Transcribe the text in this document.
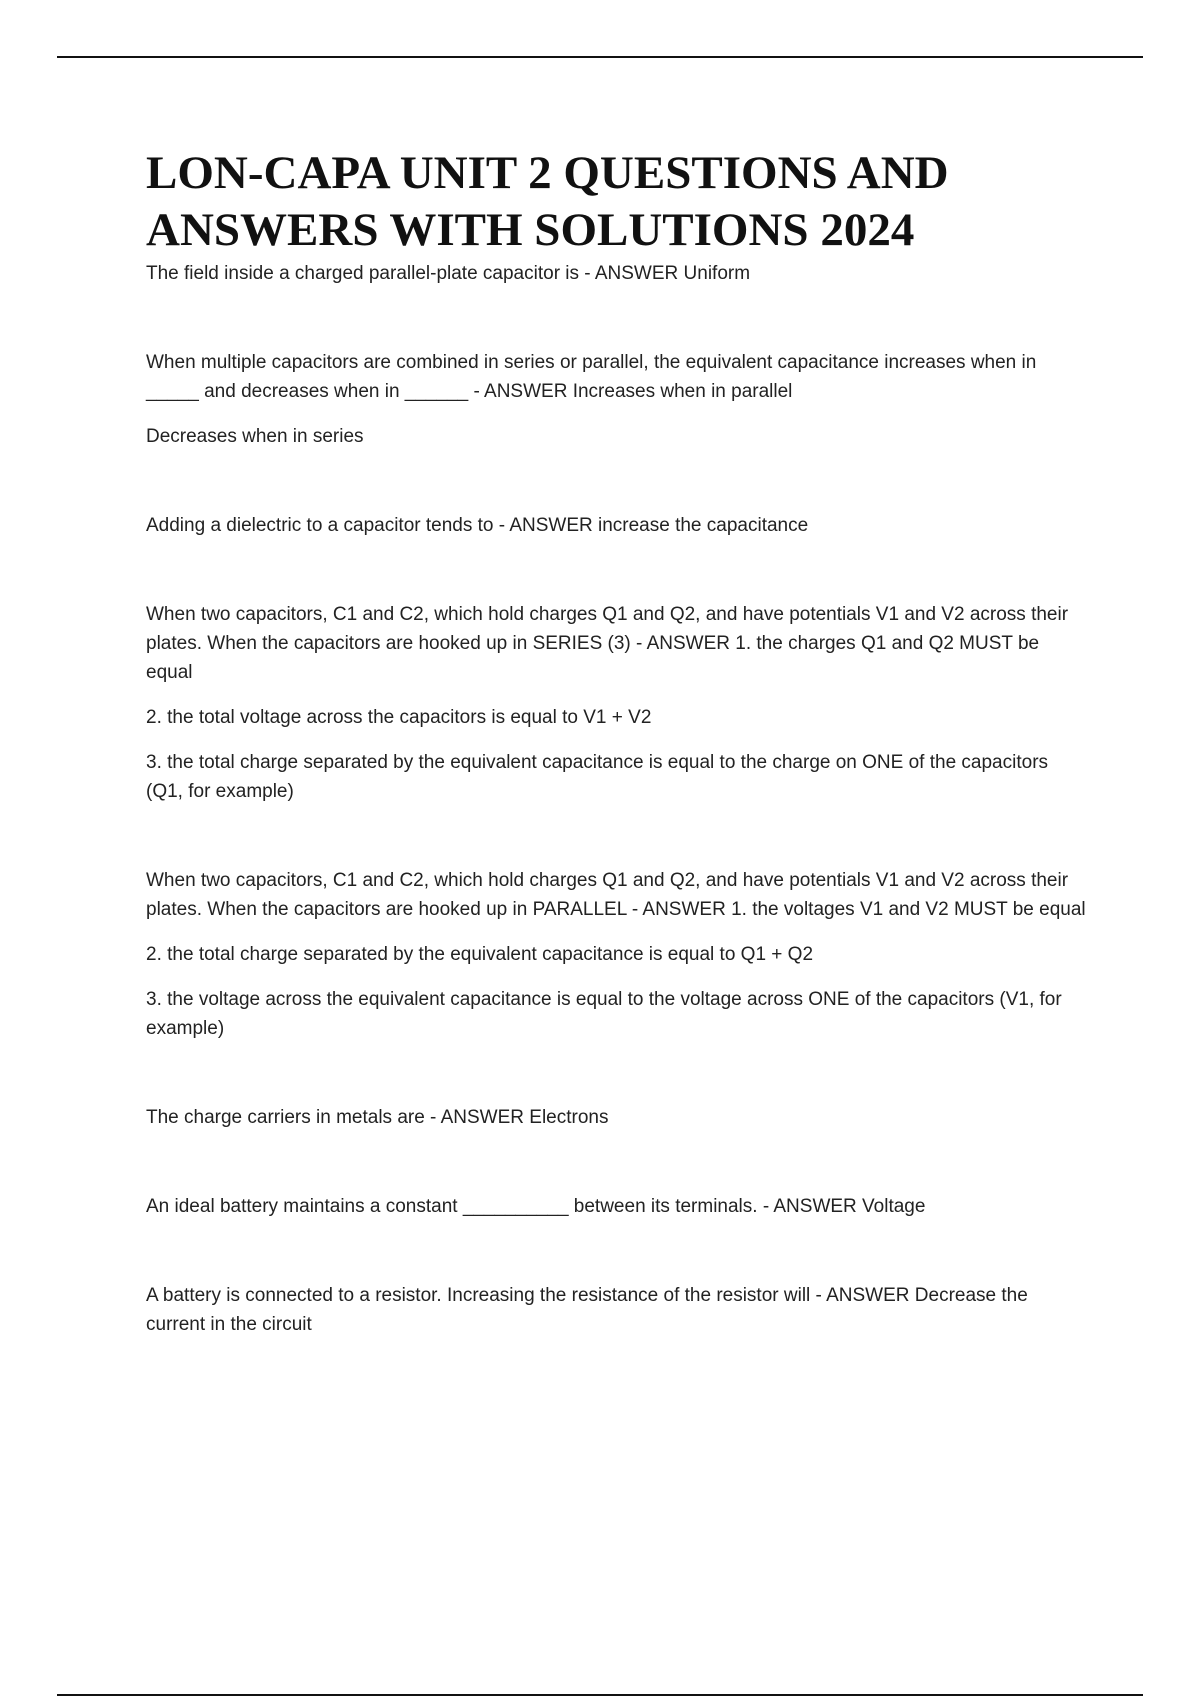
LON-CAPA UNIT 2 QUESTIONS AND ANSWERS WITH SOLUTIONS 2024

The field inside a charged parallel-plate capacitor is - ANSWER Uniform

When multiple capacitors are combined in series or parallel, the equivalent capacitance increases when in _____ and decreases when in ______ - ANSWER Increases when in parallel

Decreases when in series

Adding a dielectric to a capacitor tends to - ANSWER increase the capacitance

When two capacitors, C1 and C2, which hold charges Q1 and Q2, and have potentials V1 and V2 across their plates. When the capacitors are hooked up in SERIES (3) - ANSWER 1. the charges Q1 and Q2 MUST be equal

2. the total voltage across the capacitors is equal to V1 + V2

3. the total charge separated by the equivalent capacitance is equal to the charge on ONE of the capacitors (Q1, for example)

When two capacitors, C1 and C2, which hold charges Q1 and Q2, and have potentials V1 and V2 across their plates. When the capacitors are hooked up in PARALLEL - ANSWER 1. the voltages V1 and V2 MUST be equal

2. the total charge separated by the equivalent capacitance is equal to Q1 + Q2

3. the voltage across the equivalent capacitance is equal to the voltage across ONE of the capacitors (V1, for example)

The charge carriers in metals are - ANSWER Electrons

An ideal battery maintains a constant __________ between its terminals. - ANSWER Voltage

A battery is connected to a resistor. Increasing the resistance of the resistor will - ANSWER Decrease the current in the circuit
